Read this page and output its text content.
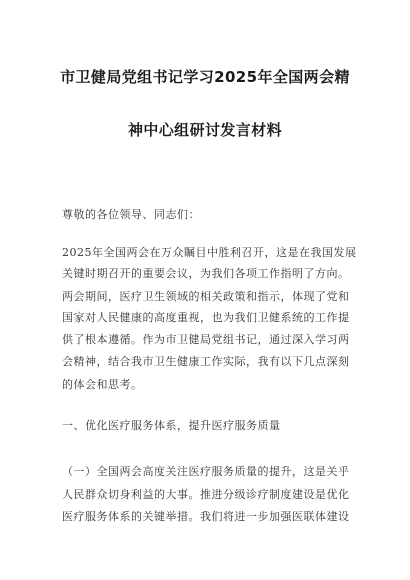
市卫健局党组书记学习2025年全国两会精
神中心组研讨发言材料
尊敬的各位领导、同志们：
2025年全国两会在万众瞩目中胜利召开，这是在我国发展
关键时期召开的重要会议，为我们各项工作指明了方向。
两会期间，医疗卫生领域的相关政策和指示，体现了党和
国家对人民健康的高度重视，也为我们卫健系统的工作提
供了根本遵循。作为市卫健局党组书记，通过深入学习两
会精神，结合我市卫生健康工作实际，我有以下几点深刻
的体会和思考。
一、优化医疗服务体系，提升医疗服务质量
（一）全国两会高度关注医疗服务质量的提升，这是关乎
人民群众切身利益的大事。推进分级诊疗制度建设是优化
医疗服务体系的关键举措。我们将进一步加强医联体建设
